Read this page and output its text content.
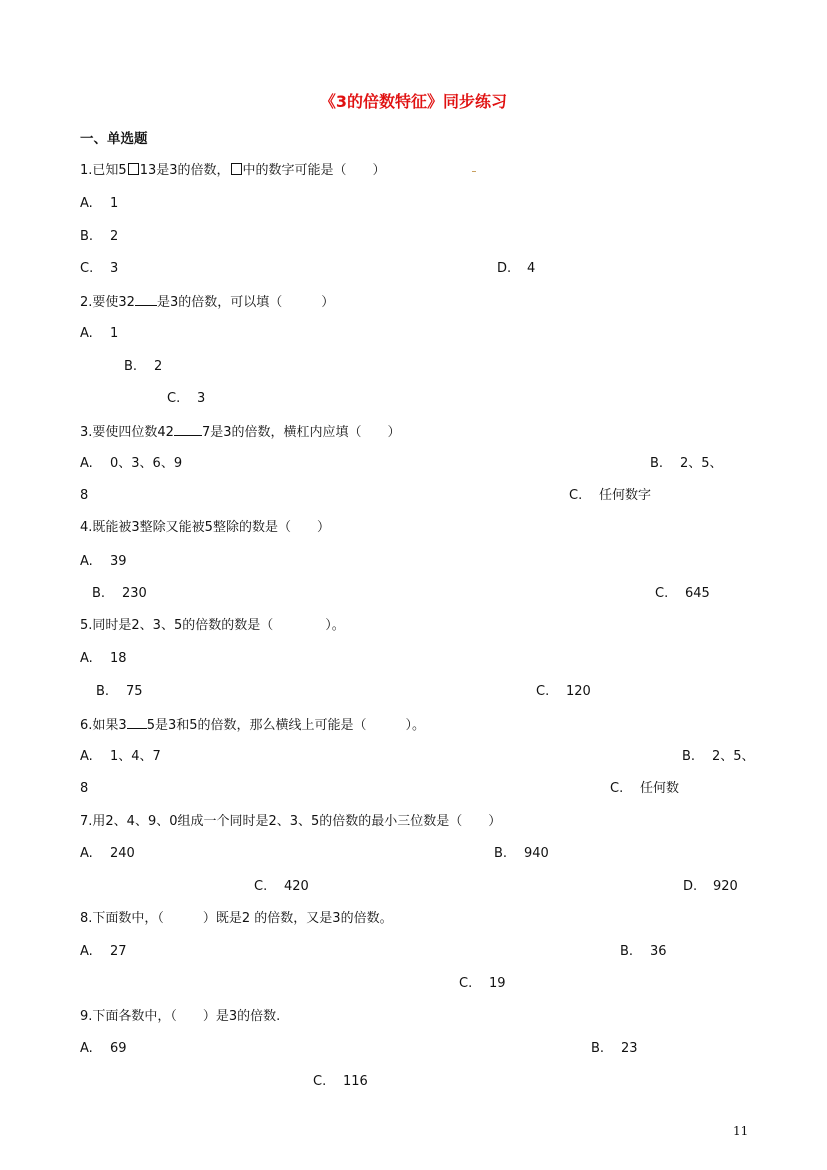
《3的倍数特征》同步练习
一、单选题
1.已知5 13是3的倍数， 中的数字可能是（　　）
A. 1
B. 2
C. 3	D. 4
2.要使32 是3的倍数，可以填（　　　）
A. 1
B. 2
C. 3
3.要使四位数42 7是3的倍数，横杠内应填（　　）
A. 0、3、6、9	B. 2、5、
8	C. 任何数字
4.既能被3整除又能被5整除的数是（　　）
A. 39
B. 230	C. 645
5.同时是2、3、5的倍数的数是（　　　　）。
A. 18
B. 75	C. 120
6.如果3 5是3和5的倍数，那么横线上可能是（　　　）。
A. 1、4、7	B. 2、5、
8	C. 任何数
7.用2、4、9、0组成一个同时是2、3、5的倍数的最小三位数是（　　）
A. 240	B. 940
C. 420	D. 920
8.下面数中，（　　　）既是2 的倍数，又是3的倍数。
A. 27	B. 36
C. 19
9.下面各数中，（　　）是3的倍数.
A. 69	B. 23
C. 116
11
